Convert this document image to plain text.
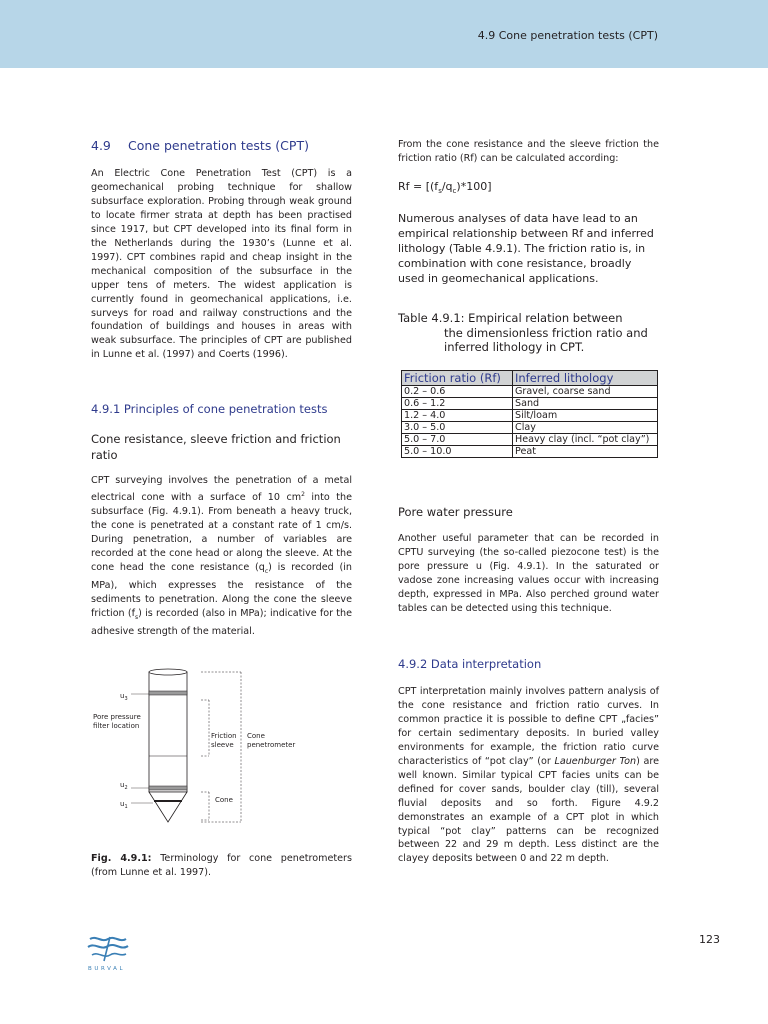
4.9 Cone penetration tests (CPT)
4.9 Cone penetration tests (CPT)
An Electric Cone Penetration Test (CPT) is a geomechanical probing technique for shallow subsurface exploration. Probing through weak ground to locate firmer strata at depth has been practised since 1917, but CPT developed into its final form in the Netherlands during the 1930’s (Lunne et al. 1997). CPT combines rapid and cheap insight in the mechanical composition of the subsurface in the upper tens of meters. The widest application is currently found in geomechanical applications, i.e. surveys for road and railway constructions and the foundation of buildings and houses in areas with weak subsurface. The principles of CPT are published in Lunne et al. (1997) and Coerts (1996).
4.9.1 Principles of cone penetration tests
Cone resistance, sleeve friction and friction ratio
CPT surveying involves the penetration of a metal electrical cone with a surface of 10 $cm^2$ into the subsurface (Fig. 4.9.1). From beneath a heavy truck, the cone is penetrated at a constant rate of 1 cm/s. During penetration, a number of variables are recorded at the cone head or along the sleeve. At the cone head the cone resistance $(q_c)$ is recorded (in MPa), which expresses the resistance of the sediments to penetration. Along the cone the sleeve friction $(f_s)$ is recorded (also in MPa); indicative for the adhesive strength of the material.
$u_3$
Pore pressure
filter location
Friction
sleeve
Cone
penetrometer
$u_2$
$u_1$
Cone
Fig. 4.9.1: Terminology for cone penetrometers (from Lunne et al. 1997).
From the cone resistance and the sleeve friction the friction ratio (Rf) can be calculated according:
$Rf = [(f_s/q_c)*100]$
Numerous analyses of data have lead to an empirical relationship between Rf and inferred lithology (Table 4.9.1). The friction ratio is, in combination with cone resistance, broadly used in geomechanical applications.
Table 4.9.1: Empirical relation between
the dimensionless friction ratio and
inferred lithology in CPT.
Friction ratio (Rf)	Inferred lithology
0.2 – 0.6	Gravel, coarse sand
0.6 – 1.2	Sand
1.2 – 4.0	Silt/loam
3.0 – 5.0	Clay
5.0 – 7.0	Heavy clay (incl. “pot clay”)
5.0 – 10.0	Peat
Pore water pressure
Another useful parameter that can be recorded in CPTU surveying (the so-called piezocone test) is the pore pressure u (Fig. 4.9.1). In the saturated or vadose zone increasing values occur with increasing depth, expressed in MPa. Also perched ground water tables can be detected using this technique.
4.9.2 Data interpretation
CPT interpretation mainly involves pattern analysis of the cone resistance and friction ratio curves. In common practice it is possible to define CPT „facies” for certain sedimentary deposits. In buried valley environments for example, the friction ratio curve characteristics of “pot clay” (or Lauenburger Ton) are well known. Similar typical CPT facies units can be defined for cover sands, boulder clay (till), several fluvial deposits and so forth. Figure 4.9.2 demonstrates an example of a CPT plot in which typical “pot clay” patterns can be recognized between 22 and 29 m depth. Less distinct are the clayey deposits between 0 and 22 m depth.
BURVAL
123
